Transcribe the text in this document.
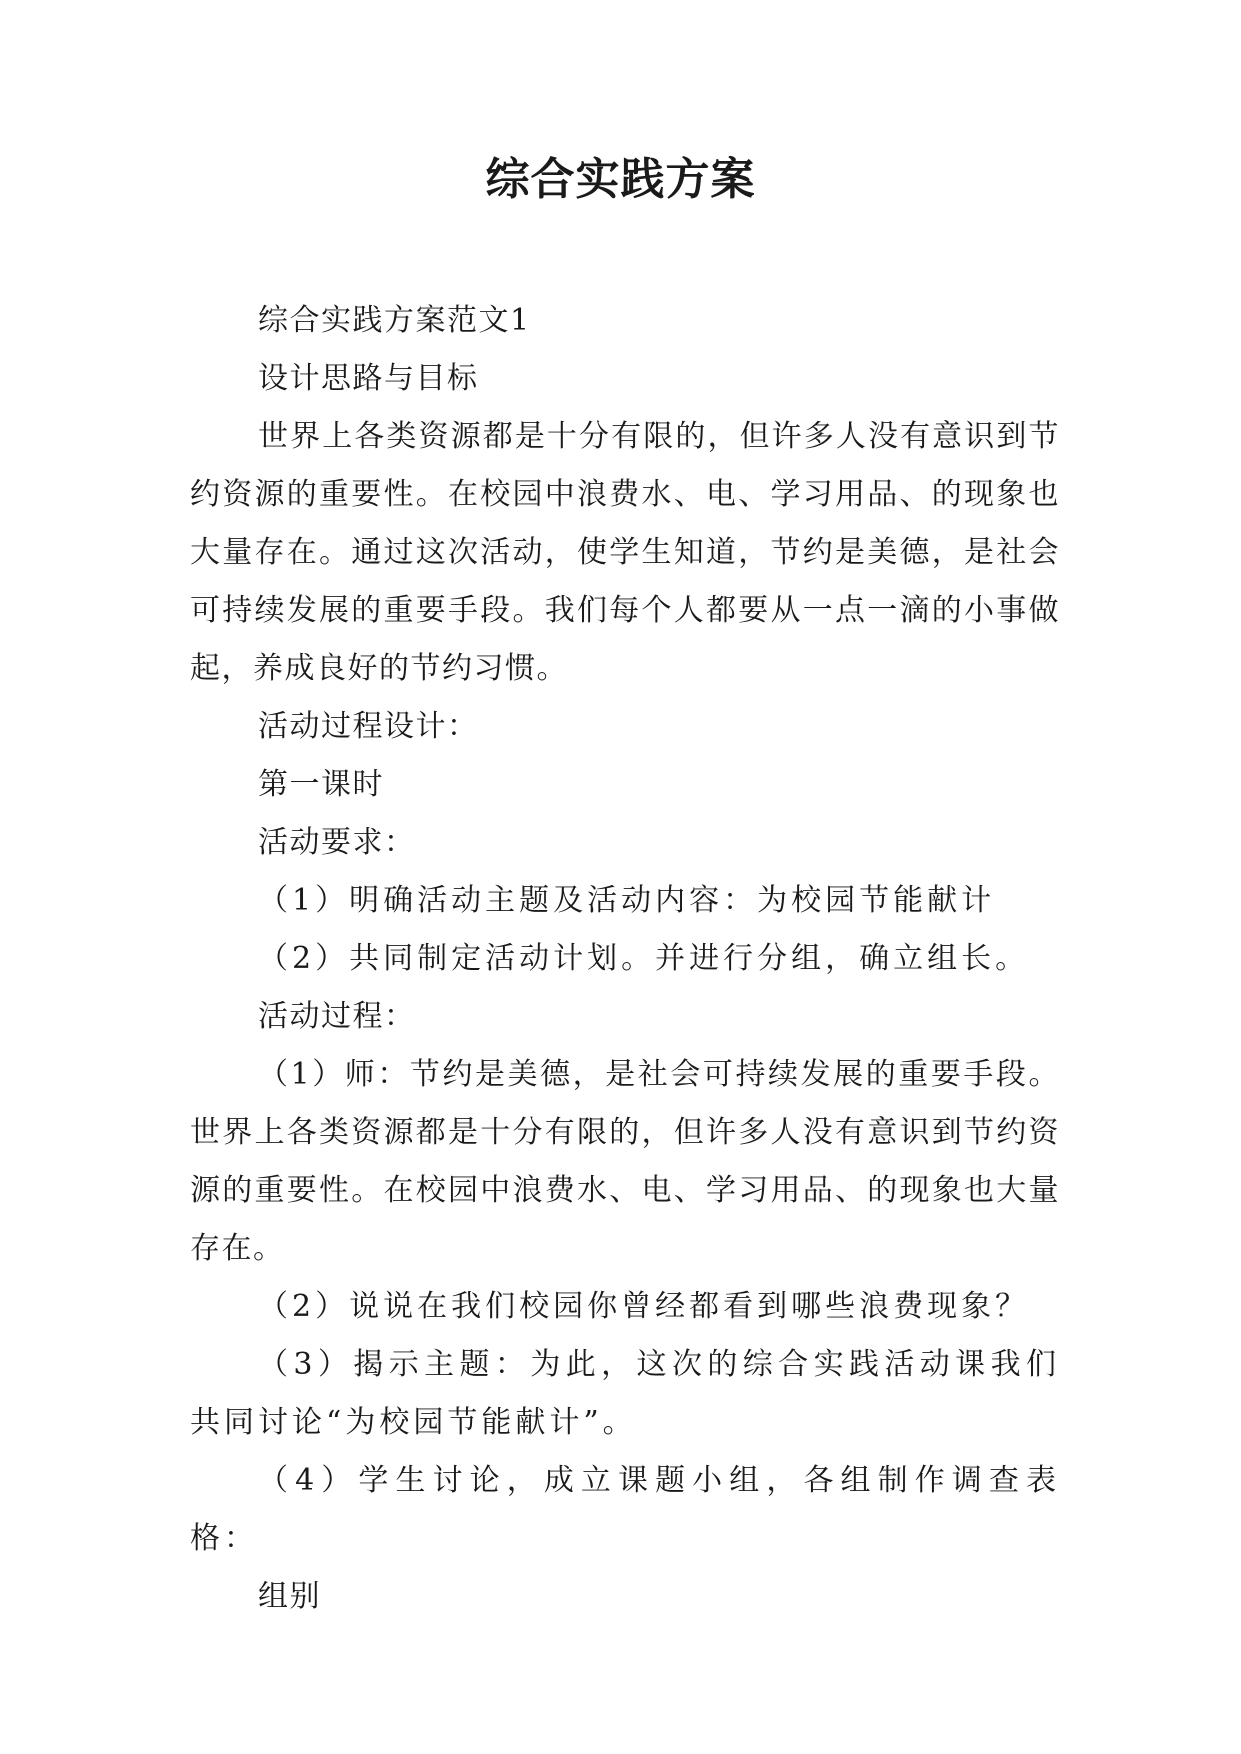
综合实践方案

综合实践方案范文1

设计思路与目标

世界上各类资源都是十分有限的，但许多人没有意识到节约资源的重要性。在校园中浪费水、电、学习用品、的现象也大量存在。通过这次活动，使学生知道，节约是美德，是社会可持续发展的重要手段。我们每个人都要从一点一滴的小事做起，养成良好的节约习惯。

活动过程设计：

第一课时

活动要求：

（1）明确活动主题及活动内容：为校园节能献计

（2）共同制定活动计划。并进行分组，确立组长。

活动过程：

（1）师：节约是美德，是社会可持续发展的重要手段。世界上各类资源都是十分有限的，但许多人没有意识到节约资源的重要性。在校园中浪费水、电、学习用品、的现象也大量存在。

（2）说说在我们校园你曾经都看到哪些浪费现象？

（3）揭示主题：为此，这次的综合实践活动课我们共同讨论“为校园节能献计”。

（4）学生讨论，成立课题小组，各组制作调查表格：

组别
